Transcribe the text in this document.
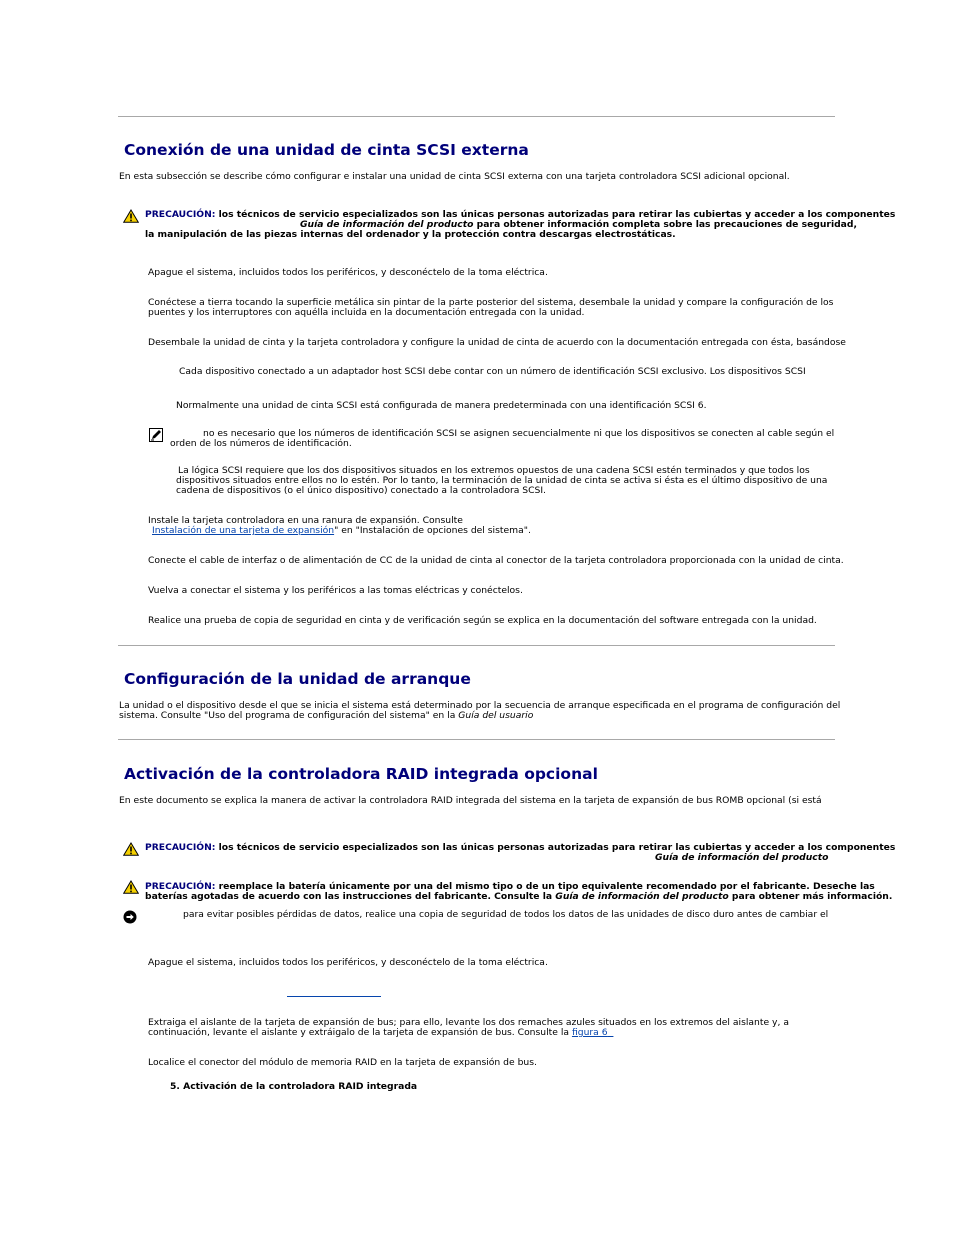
Conexión de una unidad de cinta SCSI externa
En esta subsección se describe cómo configurar e instalar una unidad de cinta SCSI externa con una tarjeta controladora SCSI adicional opcional.
PRECAUCIÓN: los técnicos de servicio especializados son las únicas personas autorizadas para retirar las cubiertas y acceder a los componentes
Guía de información del producto para obtener información completa sobre las precauciones de seguridad,
la manipulación de las piezas internas del ordenador y la protección contra descargas electrostáticas.
Apague el sistema, incluidos todos los periféricos, y desconéctelo de la toma eléctrica.
Conéctese a tierra tocando la superficie metálica sin pintar de la parte posterior del sistema, desembale la unidad y compare la configuración de los
puentes y los interruptores con aquélla incluida en la documentación entregada con la unidad.
Desembale la unidad de cinta y la tarjeta controladora y configure la unidad de cinta de acuerdo con la documentación entregada con ésta, basándose
Cada dispositivo conectado a un adaptador host SCSI debe contar con un número de identificación SCSI exclusivo. Los dispositivos SCSI
Normalmente una unidad de cinta SCSI está configurada de manera predeterminada con una identificación SCSI 6.
no es necesario que los números de identificación SCSI se asignen secuencialmente ni que los dispositivos se conecten al cable según el
orden de los números de identificación.
La lógica SCSI requiere que los dos dispositivos situados en los extremos opuestos de una cadena SCSI estén terminados y que todos los
dispositivos situados entre ellos no lo estén. Por lo tanto, la terminación de la unidad de cinta se activa si ésta es el último dispositivo de una
cadena de dispositivos (o el único dispositivo) conectado a la controladora SCSI.
Instale la tarjeta controladora en una ranura de expansión. Consulte
Instalación de una tarjeta de expansión" en "Instalación de opciones del sistema".
Conecte el cable de interfaz o de alimentación de CC de la unidad de cinta al conector de la tarjeta controladora proporcionada con la unidad de cinta.
Vuelva a conectar el sistema y los periféricos a las tomas eléctricas y conéctelos.
Realice una prueba de copia de seguridad en cinta y de verificación según se explica en la documentación del software entregada con la unidad.
Configuración de la unidad de arranque
La unidad o el dispositivo desde el que se inicia el sistema está determinado por la secuencia de arranque especificada en el programa de configuración del
sistema. Consulte "Uso del programa de configuración del sistema" en la Guía del usuario
Activación de la controladora RAID integrada opcional
En este documento se explica la manera de activar la controladora RAID integrada del sistema en la tarjeta de expansión de bus ROMB opcional (si está
PRECAUCIÓN: los técnicos de servicio especializados son las únicas personas autorizadas para retirar las cubiertas y acceder a los componentes
Guía de información del producto
PRECAUCIÓN: reemplace la batería únicamente por una del mismo tipo o de un tipo equivalente recomendado por el fabricante. Deseche las
baterías agotadas de acuerdo con las instrucciones del fabricante. Consulte la Guía de información del producto para obtener más información.
para evitar posibles pérdidas de datos, realice una copia de seguridad de todos los datos de las unidades de disco duro antes de cambiar el
Apague el sistema, incluidos todos los periféricos, y desconéctelo de la toma eléctrica.
Extraiga el aislante de la tarjeta de expansión de bus; para ello, levante los dos remaches azules situados en los extremos del aislante y, a
continuación, levante el aislante y extráigalo de la tarjeta de expansión de bus. Consulte la figura 6
Localice el conector del módulo de memoria RAID en la tarjeta de expansión de bus.
5. Activación de la controladora RAID integrada
